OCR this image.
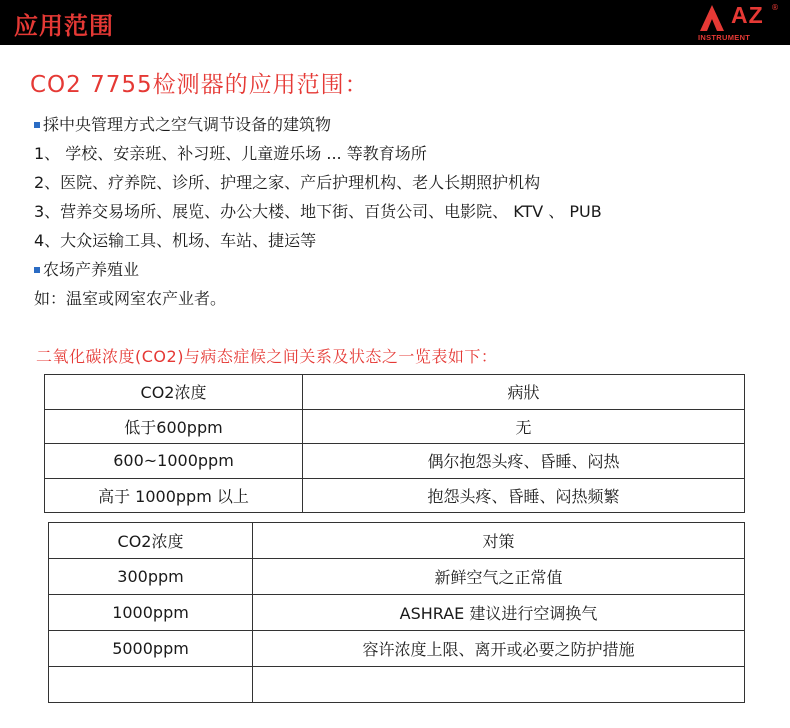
应用范围	AZ ®
INSTRUMENT
CO2 7755检测器的应用范围：
採中央管理方式之空气调节设备的建筑物
1、 学校、安亲班、补习班、儿童遊乐场 ... 等教育场所
2、医院、疗养院、诊所、护理之家、产后护理机构、老人长期照护机构
3、营养交易场所、展览、办公大楼、地下街、百货公司、电影院、 KTV 、 PUB
4、大众运输工具、机场、车站、捷运等
农场产养殖业
如：温室或网室农产业者。
二氧化碳浓度(CO2)与病态症候之间关系及状态之一览表如下：
CO2浓度	病狀
低于600ppm	无
600~1000ppm	偶尔抱怨头疼、昏睡、闷热
高于 1000ppm 以上	抱怨头疼、昏睡、闷热频繁
CO2浓度	对策
300ppm	新鲜空气之正常值
1000ppm	ASHRAE 建议进行空调换气
5000ppm	容许浓度上限、离开或必要之防护措施
